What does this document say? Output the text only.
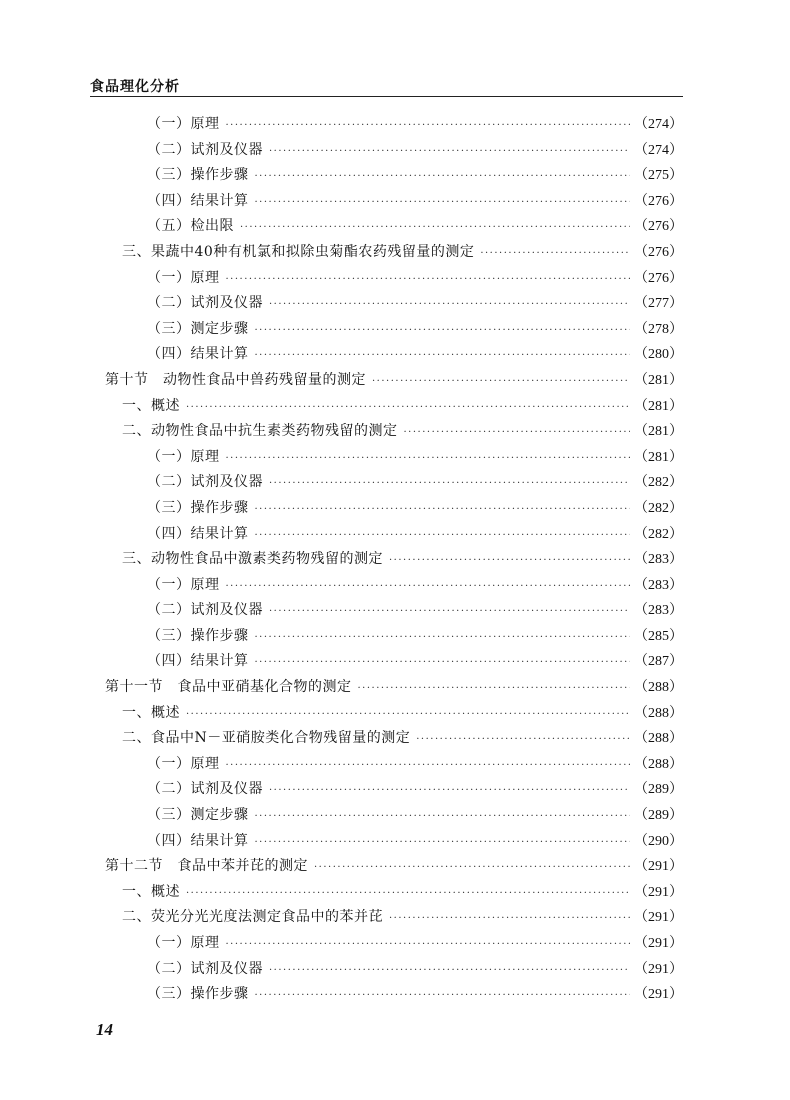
食品理化分析
（一）原理 ·····	（274）
（二）试剂及仪器 ·····	（274）
（三）操作步骤 ·····	（275）
（四）结果计算 ·····	（276）
（五）检出限 ·····	（276）
三、果蔬中40种有机氯和拟除虫菊酯农药残留量的测定 ·····	（276）
（一）原理 ·····	（276）
（二）试剂及仪器 ·····	（277）
（三）测定步骤 ·····	（278）
（四）结果计算 ·····	（280）
第十节　动物性食品中兽药残留量的测定 ·····	（281）
一、概述 ·····	（281）
二、动物性食品中抗生素类药物残留的测定 ·····	（281）
（一）原理 ·····	（281）
（二）试剂及仪器 ·····	（282）
（三）操作步骤 ·····	（282）
（四）结果计算 ·····	（282）
三、动物性食品中激素类药物残留的测定 ·····	（283）
（一）原理 ·····	（283）
（二）试剂及仪器 ·····	（283）
（三）操作步骤 ·····	（285）
（四）结果计算 ·····	（287）
第十一节　食品中亚硝基化合物的测定 ·····	（288）
一、概述 ·····	（288）
二、食品中N－亚硝胺类化合物残留量的测定 ·····	（288）
（一）原理 ·····	（288）
（二）试剂及仪器 ·····	（289）
（三）测定步骤 ·····	（289）
（四）结果计算 ·····	（290）
第十二节　食品中苯并芘的测定 ·····	（291）
一、概述 ·····	（291）
二、荧光分光光度法测定食品中的苯并芘 ·····	（291）
（一）原理 ·····	（291）
（二）试剂及仪器 ·····	（291）
（三）操作步骤 ·····	（291）
14
